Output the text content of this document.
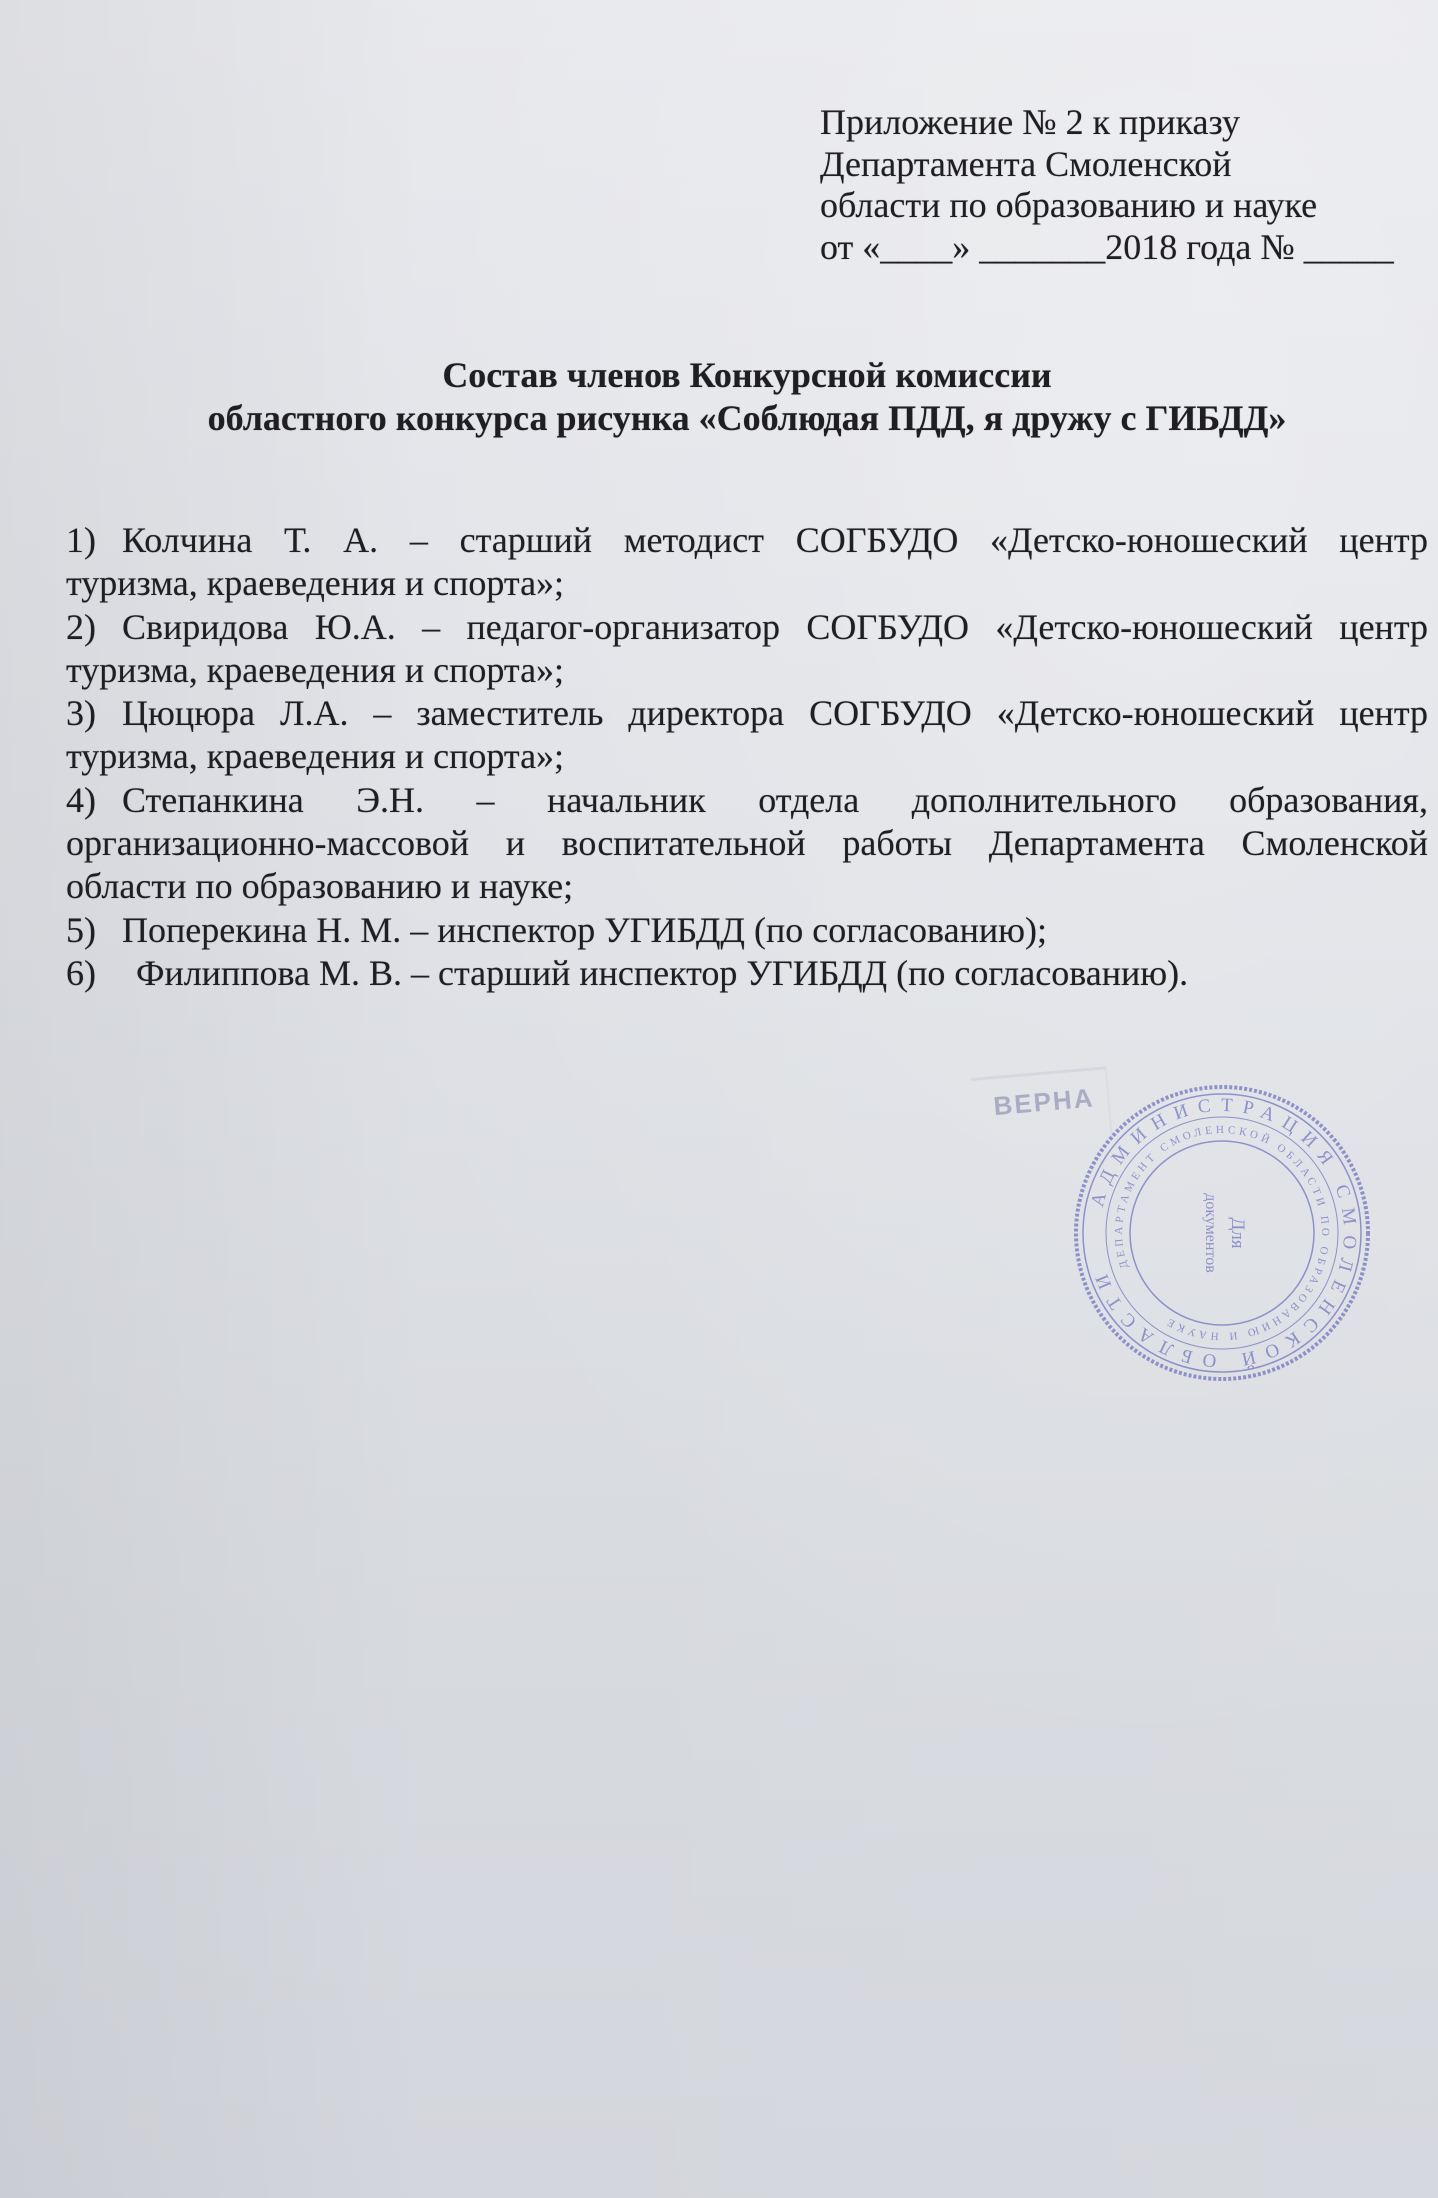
Приложение № 2 к приказу
Департамента Смоленской
области по образованию и науке
от «____» _______2018 года № _____
Состав членов Конкурсной комиссии
областного конкурса рисунка «Соблюдая ПДД, я дружу с ГИБДД»
1) Колчина Т. А. – старший методист СОГБУДО «Детско-юношеский центр
туризма, краеведения и спорта»;
2) Свиридова Ю.А. – педагог-организатор СОГБУДО «Детско-юношеский центр
туризма, краеведения и спорта»;
3) Цюцюра Л.А. – заместитель директора СОГБУДО «Детско-юношеский центр
туризма, краеведения и спорта»;
4) Степанкина Э.Н. – начальник отдела дополнительного образования,
организационно-массовой и воспитательной работы Департамента Смоленской
области по образованию и науке;
5) Поперекина Н. М. – инспектор УГИБДД (по согласованию);
6) Филиппова М. В. – старший инспектор УГИБДД (по согласованию).
ВЕРНА
АДМИНИСТРАЦИЯ СМОЛЕНСКОЙ ОБЛАСТИ
ДЕПАРТАМЕНТ СМОЛЕНСКОЙ ОБЛАСТИ ПО ОБРАЗОВАНИЮ И НАУКЕ
Для
документов
